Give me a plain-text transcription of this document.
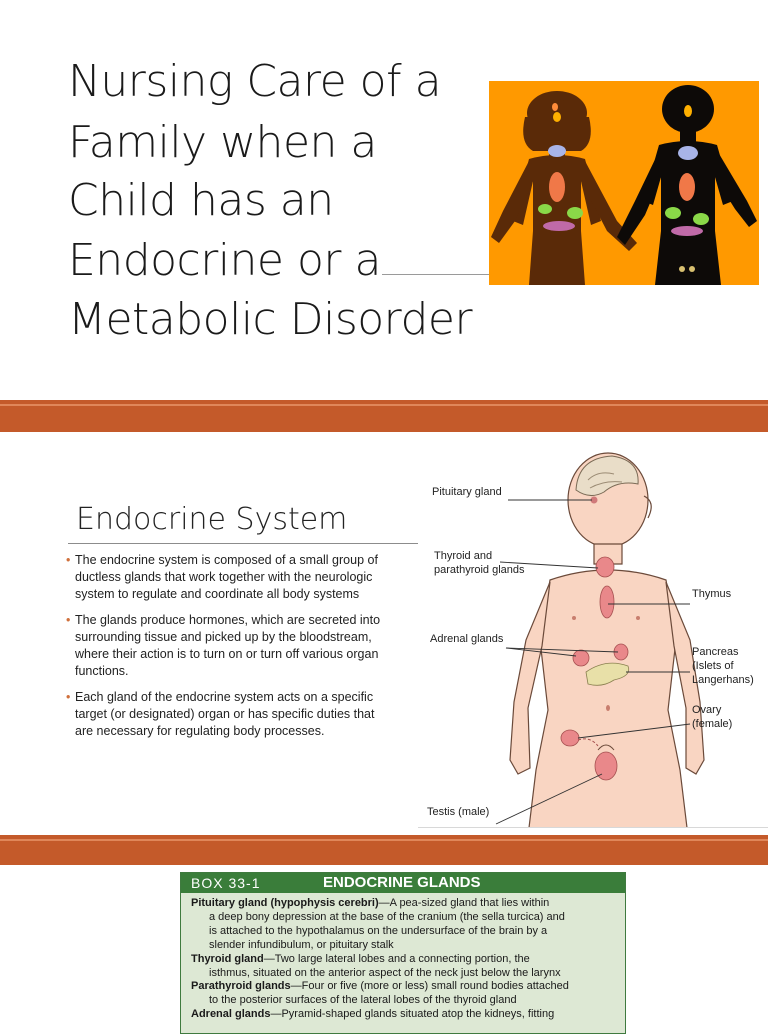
Nursing Care of a
Family when a
Child has an
Endocrine or a
Metabolic Disorder
Endocrine System
• The endocrine system is composed of a small group of ductless glands that work together with the neurologic system to regulate and coordinate all body systems
• The glands produce hormones, which are secreted into surrounding tissue and picked up by the bloodstream, where their action is to turn on or turn off various organ functions.
• Each gland of the endocrine system acts on a specific target (or designated) organ or has specific duties that are necessary for regulating body processes.
Pituitary gland
Thyroid and
parathyroid glands
Thymus
Adrenal glands
Pancreas
(Islets of
Langerhans)
Ovary
(female)
Testis (male)
BOX 33-1	ENDOCRINE GLANDS
Pituitary gland (hypophysis cerebri)—A pea-sized gland that lies within
a deep bony depression at the base of the cranium (the sella turcica) and
is attached to the hypothalamus on the undersurface of the brain by a
slender infundibulum, or pituitary stalk
Thyroid gland—Two large lateral lobes and a connecting portion, the
isthmus, situated on the anterior aspect of the neck just below the larynx
Parathyroid glands—Four or five (more or less) small round bodies attached
to the posterior surfaces of the lateral lobes of the thyroid gland
Adrenal glands—Pyramid-shaped glands situated atop the kidneys, fitting
